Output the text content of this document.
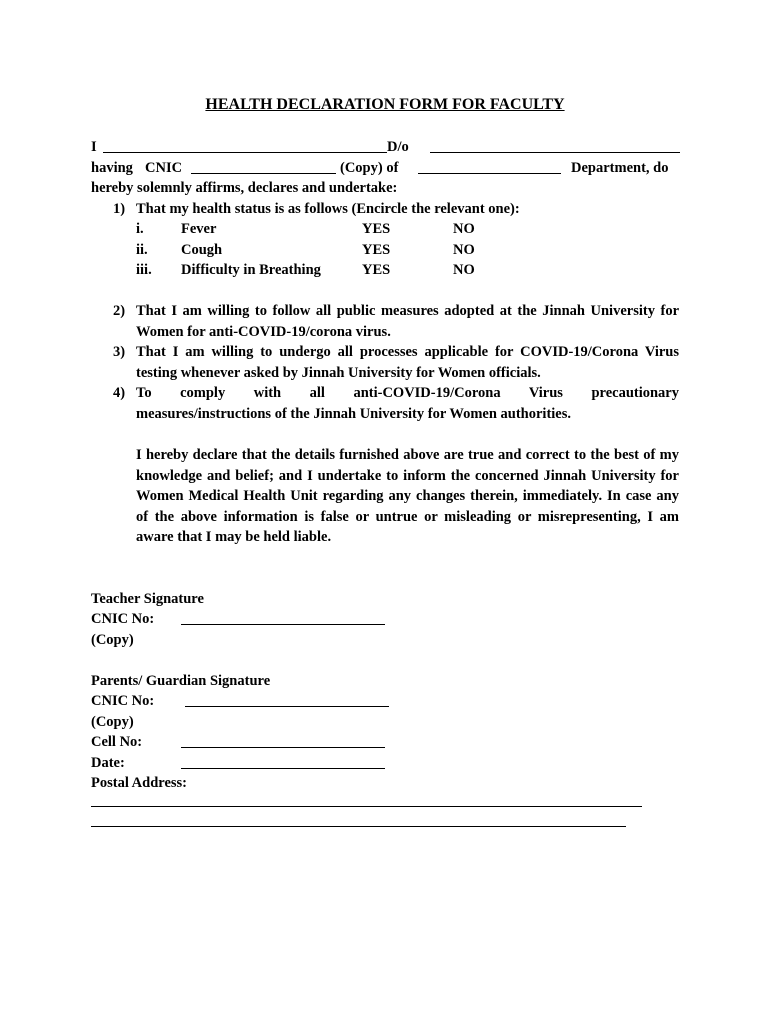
HEALTH DECLARATION FORM FOR FACULTY
I	D/o
having CNIC	(Copy) of	Department, do
hereby solemnly affirms, declares and undertake:
1) That my health status is as follows (Encircle the relevant one):
i.	Fever	YES	NO
ii. Cough	YES	NO
iii. Difficulty in Breathing	YES	NO
2) That I am willing to follow all public measures adopted at the Jinnah University for
Women for anti-COVID-19/corona virus.
3) That I am willing to undergo all processes applicable for COVID-19/Corona Virus
testing whenever asked by Jinnah University for Women officials.
4) To comply with all anti-COVID-19/Corona Virus precautionary
measures/instructions of the Jinnah University for Women authorities.
I hereby declare that the details furnished above are true and correct to the best of my knowledge and belief; and I undertake to inform the concerned Jinnah University for Women Medical Health Unit regarding any changes therein, immediately. In case any of the above information is false or untrue or misleading or misrepresenting, I am aware that I may be held liable.
Teacher Signature
CNIC No:
(Copy)
Parents/ Guardian Signature
CNIC No:
(Copy)
Cell No:
Date:
Postal Address:
